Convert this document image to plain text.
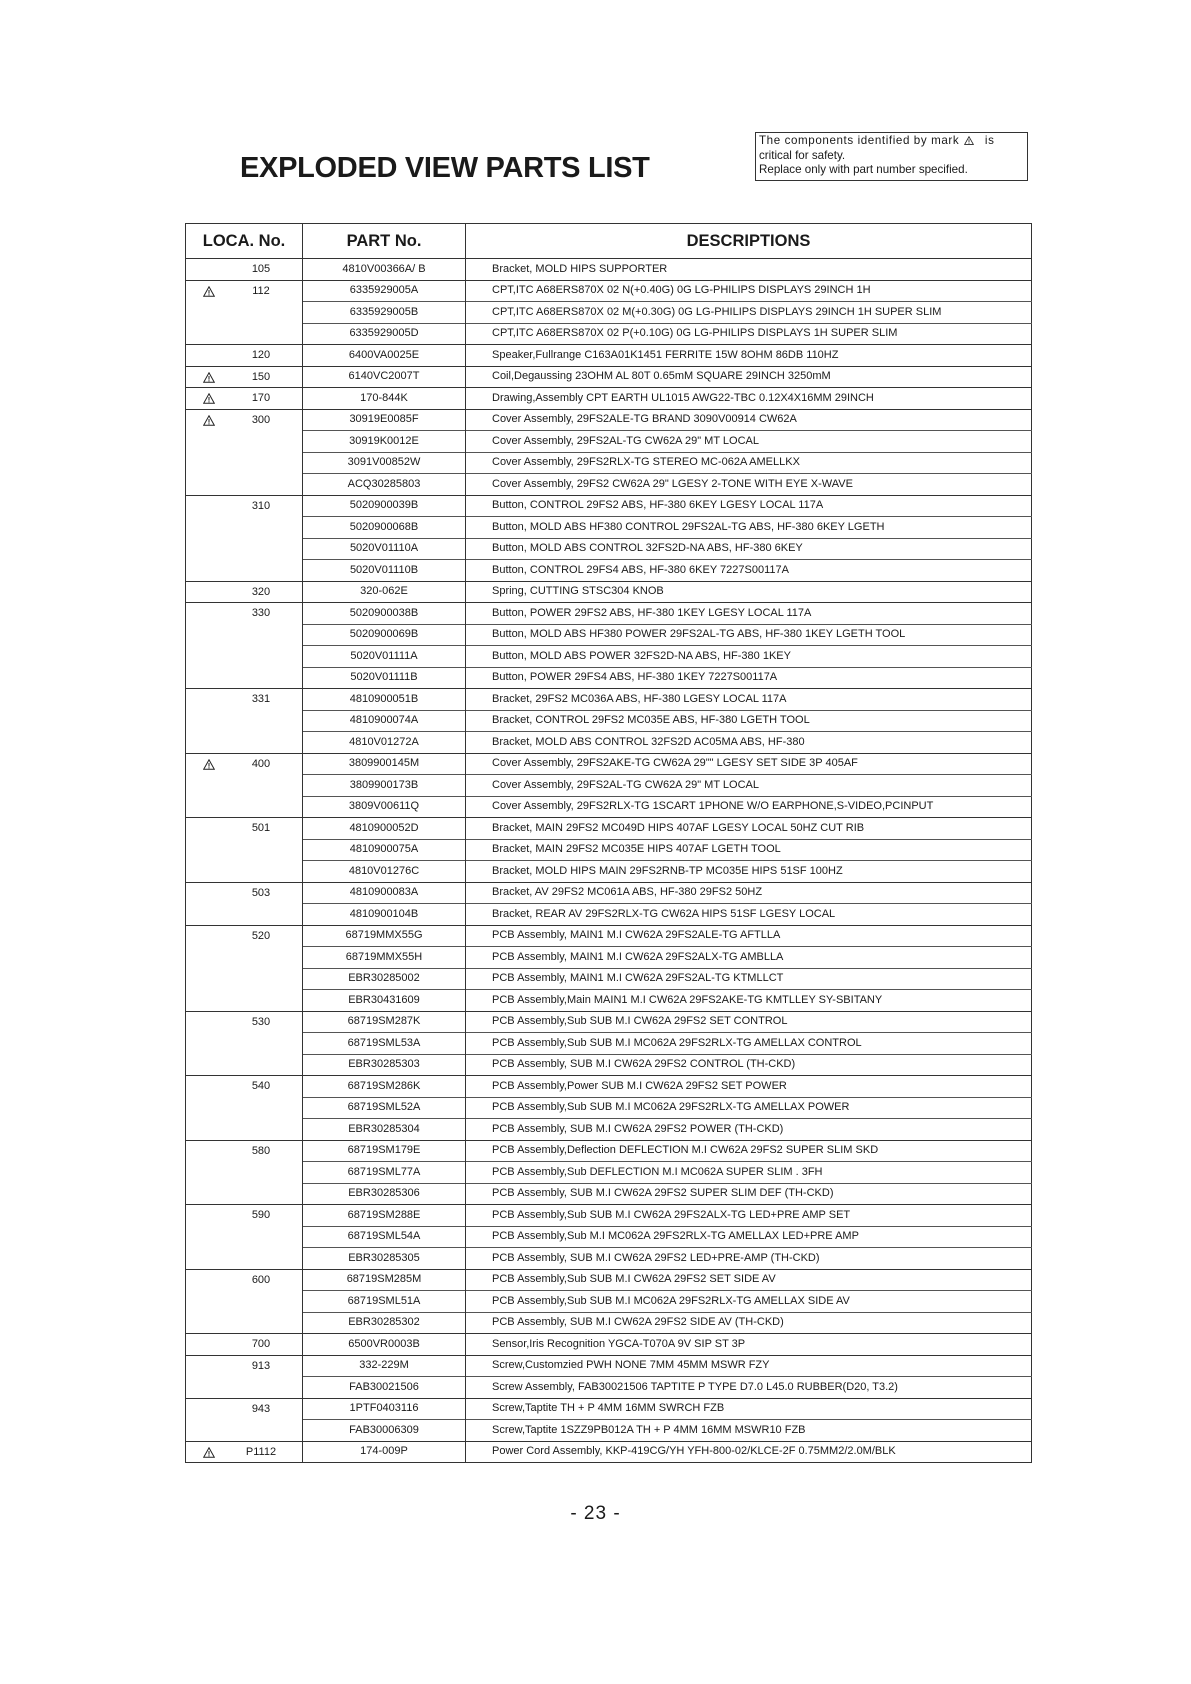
EXPLODED VIEW PARTS LIST
The components identified by mark is
critical for safety.
Replace only with part number specified.
LOCA. No.	PART No.	DESCRIPTIONS

105	4810V00366A/ B	Bracket, MOLD HIPS SUPPORTER

112	6335929005A	CPT,ITC A68ERS870X 02 N(+0.40G) 0G LG-PHILIPS DISPLAYS 29INCH 1H

	6335929005B	CPT,ITC A68ERS870X 02 M(+0.30G) 0G LG-PHILIPS DISPLAYS 29INCH 1H SUPER SLIM

	6335929005D	CPT,ITC A68ERS870X 02 P(+0.10G) 0G LG-PHILIPS DISPLAYS 1H SUPER SLIM

120	6400VA0025E	Speaker,Fullrange C163A01K1451 FERRITE 15W 8OHM 86DB 110HZ

150	6140VC2007T	Coil,Degaussing 23OHM AL 80T 0.65mM SQUARE 29INCH 3250mM

170	170-844K	Drawing,Assembly CPT EARTH UL1015 AWG22-TBC 0.12X4X16MM 29INCH

300	30919E0085F	Cover Assembly, 29FS2ALE-TG BRAND 3090V00914 CW62A

	30919K0012E	Cover Assembly, 29FS2AL-TG CW62A 29" MT LOCAL

	3091V00852W	Cover Assembly, 29FS2RLX-TG STEREO MC-062A AMELLKX

	ACQ30285803	Cover Assembly, 29FS2 CW62A 29" LGESY 2-TONE WITH EYE X-WAVE

310	5020900039B	Button, CONTROL 29FS2 ABS, HF-380 6KEY LGESY LOCAL 117A

	5020900068B	Button, MOLD ABS HF380 CONTROL 29FS2AL-TG ABS, HF-380 6KEY LGETH

	5020V01110A	Button, MOLD ABS CONTROL 32FS2D-NA ABS, HF-380 6KEY

	5020V01110B	Button, CONTROL 29FS4 ABS, HF-380 6KEY 7227S00117A

320	320-062E	Spring, CUTTING STSC304 KNOB

330	5020900038B	Button, POWER 29FS2 ABS, HF-380 1KEY LGESY LOCAL 117A

	5020900069B	Button, MOLD ABS HF380 POWER 29FS2AL-TG ABS, HF-380 1KEY LGETH TOOL

	5020V01111A	Button, MOLD ABS POWER 32FS2D-NA ABS, HF-380 1KEY

	5020V01111B	Button, POWER 29FS4 ABS, HF-380 1KEY 7227S00117A

331	4810900051B	Bracket, 29FS2 MC036A ABS, HF-380 LGESY LOCAL 117A

	4810900074A	Bracket, CONTROL 29FS2 MC035E ABS, HF-380 LGETH TOOL

	4810V01272A	Bracket, MOLD ABS CONTROL 32FS2D AC05MA ABS, HF-380

400	3809900145M	Cover Assembly, 29FS2AKE-TG CW62A 29"" LGESY SET SIDE 3P 405AF

	3809900173B	Cover Assembly, 29FS2AL-TG CW62A 29" MT LOCAL

	3809V00611Q	Cover Assembly, 29FS2RLX-TG 1SCART 1PHONE W/O EARPHONE,S-VIDEO,PCINPUT

501	4810900052D	Bracket, MAIN 29FS2 MC049D HIPS 407AF LGESY LOCAL 50HZ CUT RIB

	4810900075A	Bracket, MAIN 29FS2 MC035E HIPS 407AF LGETH TOOL

	4810V01276C	Bracket, MOLD HIPS MAIN 29FS2RNB-TP MC035E HIPS 51SF 100HZ

503	4810900083A	Bracket, AV 29FS2 MC061A ABS, HF-380 29FS2 50HZ

	4810900104B	Bracket, REAR AV 29FS2RLX-TG CW62A HIPS 51SF LGESY LOCAL

520	68719MMX55G	PCB Assembly, MAIN1 M.I CW62A 29FS2ALE-TG AFTLLA

	68719MMX55H	PCB Assembly, MAIN1 M.I CW62A 29FS2ALX-TG AMBLLA

	EBR30285002	PCB Assembly, MAIN1 M.I CW62A 29FS2AL-TG KTMLLCT

	EBR30431609	PCB Assembly,Main MAIN1 M.I CW62A 29FS2AKE-TG KMTLLEY SY-SBITANY

530	68719SM287K	PCB Assembly,Sub SUB M.I CW62A 29FS2 SET CONTROL

	68719SML53A	PCB Assembly,Sub SUB M.I MC062A 29FS2RLX-TG AMELLAX CONTROL

	EBR30285303	PCB Assembly, SUB M.I CW62A 29FS2 CONTROL (TH-CKD)

540	68719SM286K	PCB Assembly,Power SUB M.I CW62A 29FS2 SET POWER

	68719SML52A	PCB Assembly,Sub SUB M.I MC062A 29FS2RLX-TG AMELLAX POWER

	EBR30285304	PCB Assembly, SUB M.I CW62A 29FS2 POWER (TH-CKD)

580	68719SM179E	PCB Assembly,Deflection DEFLECTION M.I CW62A 29FS2 SUPER SLIM SKD

	68719SML77A	PCB Assembly,Sub DEFLECTION M.I MC062A SUPER SLIM . 3FH

	EBR30285306	PCB Assembly, SUB M.I CW62A 29FS2 SUPER SLIM DEF (TH-CKD)

590	68719SM288E	PCB Assembly,Sub SUB M.I CW62A 29FS2ALX-TG LED+PRE AMP SET

	68719SML54A	PCB Assembly,Sub M.I MC062A 29FS2RLX-TG AMELLAX LED+PRE AMP

	EBR30285305	PCB Assembly, SUB M.I CW62A 29FS2 LED+PRE-AMP (TH-CKD)

600	68719SM285M	PCB Assembly,Sub SUB M.I CW62A 29FS2 SET SIDE AV

	68719SML51A	PCB Assembly,Sub SUB M.I MC062A 29FS2RLX-TG AMELLAX SIDE AV

	EBR30285302	PCB Assembly, SUB M.I CW62A 29FS2 SIDE AV (TH-CKD)

700	6500VR0003B	Sensor,Iris Recognition YGCA-T070A 9V SIP ST 3P

913	332-229M	Screw,Customzied PWH NONE 7MM 45MM MSWR FZY

	FAB30021506	Screw Assembly, FAB30021506 TAPTITE P TYPE D7.0 L45.0 RUBBER(D20, T3.2)

943	1PTF0403116	Screw,Taptite TH + P 4MM 16MM SWRCH FZB

	FAB30006309	Screw,Taptite 1SZZ9PB012A TH + P 4MM 16MM MSWR10 FZB

P1112	174-009P	Power Cord Assembly, KKP-419CG/YH YFH-800-02/KLCE-2F 0.75MM2/2.0M/BLK
- 23 -
